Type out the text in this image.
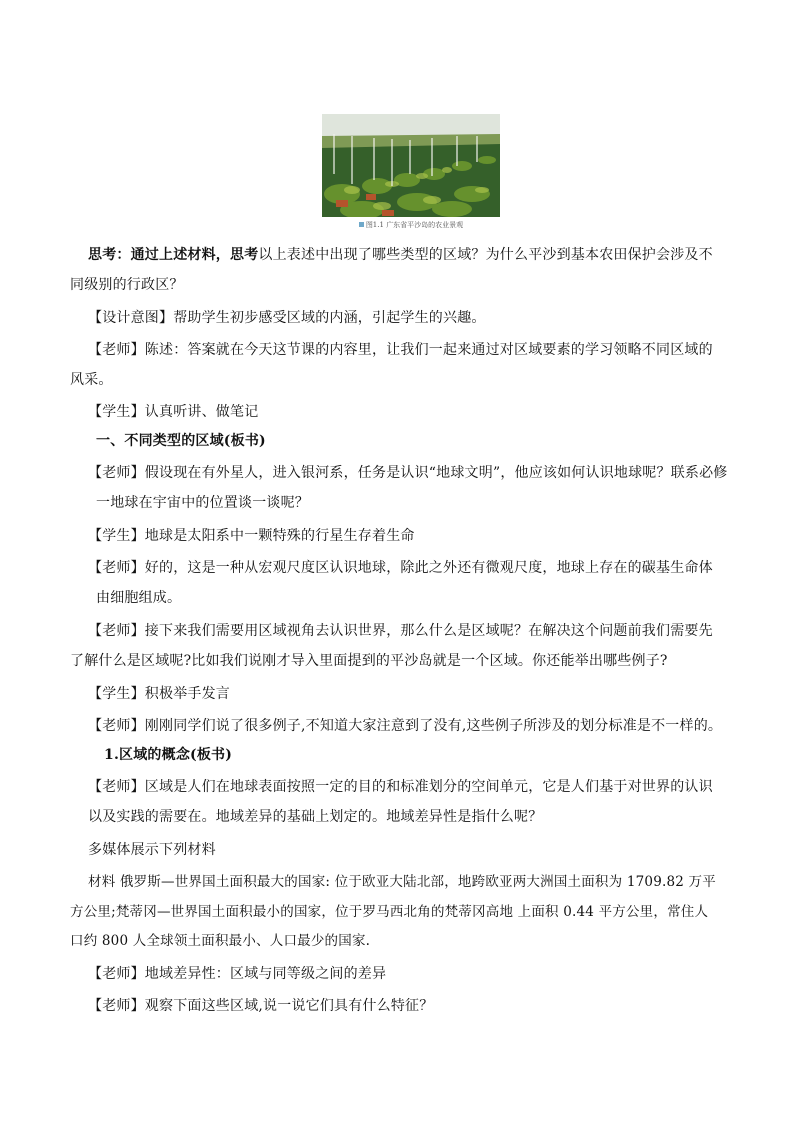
图1.1 广东省平沙岛的农业景观
思考：通过上述材料，思考以上表述中出现了哪些类型的区域？为什么平沙到基本农田保护会涉及不
同级别的行政区？
【设计意图】帮助学生初步感受区域的内涵，引起学生的兴趣。
【老师】陈述：答案就在今天这节课的内容里，让我们一起来通过对区域要素的学习领略不同区域的
风采。
【学生】认真听讲、做笔记
一、不同类型的区域(板书)
【老师】假设现在有外星人，进入银河系，任务是认识“地球文明”，他应该如何认识地球呢？联系必修
一地球在宇宙中的位置谈一谈呢？
【学生】地球是太阳系中一颗特殊的行星生存着生命
【老师】好的，这是一种从宏观尺度区认识地球，除此之外还有微观尺度，地球上存在的碳基生命体
由细胞组成。
【老师】接下来我们需要用区域视角去认识世界，那么什么是区域呢？在解决这个问题前我们需要先
了解什么是区域呢?比如我们说刚才导入里面提到的平沙岛就是一个区域。你还能举出哪些例子?
【学生】积极举手发言
【老师】刚刚同学们说了很多例子,不知道大家注意到了没有,这些例子所涉及的划分标准是不一样的。
1.区域的概念(板书)
【老师】区域是人们在地球表面按照一定的目的和标准划分的空间单元，它是人们基于对世界的认识
以及实践的需要在。地域差异的基础上划定的。地域差异性是指什么呢？
多媒体展示下列材料
材料 俄罗斯—世界国土面积最大的国家: 位于欧亚大陆北部，地跨欧亚两大洲国土面积为 1709.82 万平
方公里;梵蒂冈—世界国土面积最小的国家，位于罗马西北角的梵蒂冈高地 上面积 0.44 平方公里，常住人
口约 800 人全球领土面积最小、人口最少的国家.
【老师】地域差异性：区域与同等级之间的差异
【老师】观察下面这些区域,说一说它们具有什么特征？
